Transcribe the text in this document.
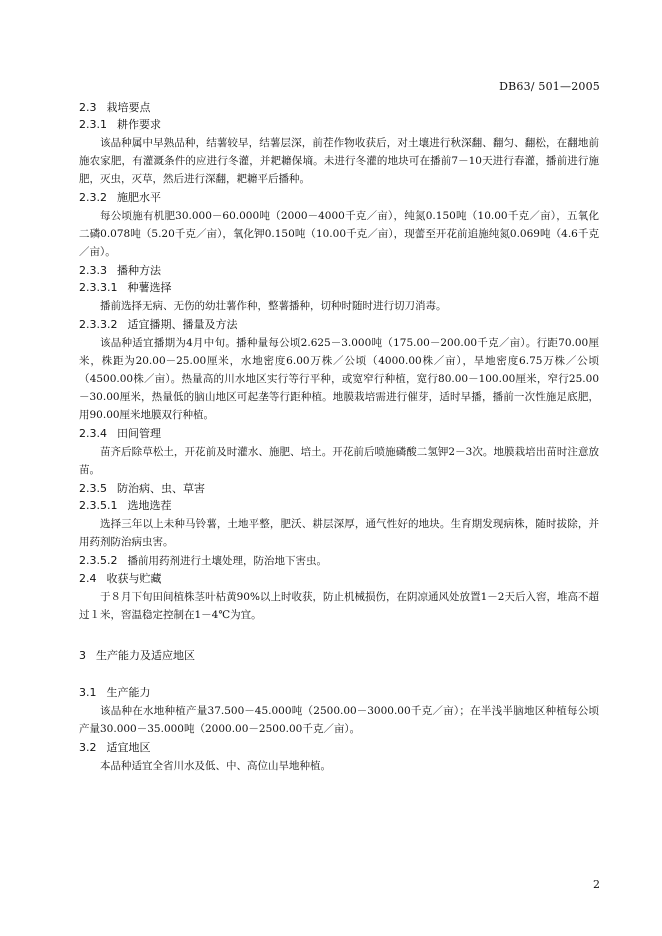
DB63/ 501—2005
2.3 栽培要点
2.3.1 耕作要求
该品种属中早熟品种，结薯较早，结薯层深，前茬作物收获后，对土壤进行秋深翻、翻匀、翻松，在翻地前施农家肥，有灌溉条件的应进行冬灌，并耙耱保墒。未进行冬灌的地块可在播前7－10天进行春灌，播前进行施肥，灭虫，灭草，然后进行深翻，耙耱平后播种。
2.3.2 施肥水平
每公顷施有机肥30.000－60.000吨（2000－4000千克／亩），纯氮0.150吨（10.00千克／亩），五氧化二磷0.078吨（5.20千克／亩），氧化钾0.150吨（10.00千克／亩），现蕾至开花前追施纯氮0.069吨（4.6千克／亩）。
2.3.3 播种方法
2.3.3.1 种薯选择
播前选择无病、无伤的幼壮薯作种，整薯播种，切种时随时进行切刀消毒。
2.3.3.2 适宜播期、播量及方法
该品种适宜播期为4月中旬。播种量每公顷2.625－3.000吨（175.00－200.00千克／亩）。行距70.00厘米，株距为20.00－25.00厘米，水地密度6.00万株／公顷（4000.00株／亩），旱地密度6.75万株／公顷（4500.00株／亩）。热量高的川水地区实行等行平种，或宽窄行种植，宽行80.00－100.00厘米，窄行25.00－30.00厘米，热量低的脑山地区可起垄等行距种植。地膜栽培需进行催芽，适时早播，播前一次性施足底肥，用90.00厘米地膜双行种植。
2.3.4 田间管理
苗齐后除草松土，开花前及时灌水、施肥、培土。开花前后喷施磷酸二氢钾2－3次。地膜栽培出苗时注意放苗。
2.3.5 防治病、虫、草害
2.3.5.1 选地选茬
选择三年以上未种马铃薯，土地平整，肥沃、耕层深厚，通气性好的地块。生育期发现病株，随时拔除，并用药剂防治病虫害。
2.3.5.2 播前用药剂进行土壤处理，防治地下害虫。
2.4 收获与贮藏
于８月下旬田间植株茎叶枯黄90%以上时收获，防止机械损伤，在阴凉通风处放置1－2天后入窖，堆高不超过１米，窖温稳定控制在1－4℃为宜。
3 生产能力及适应地区
3.1 生产能力
该品种在水地种植产量37.500－45.000吨（2500.00－3000.00千克／亩）；在半浅半脑地区种植每公顷产量30.000－35.000吨（2000.00－2500.00千克／亩）。
3.2 适宜地区
本品种适宜全省川水及低、中、高位山旱地种植。
2
